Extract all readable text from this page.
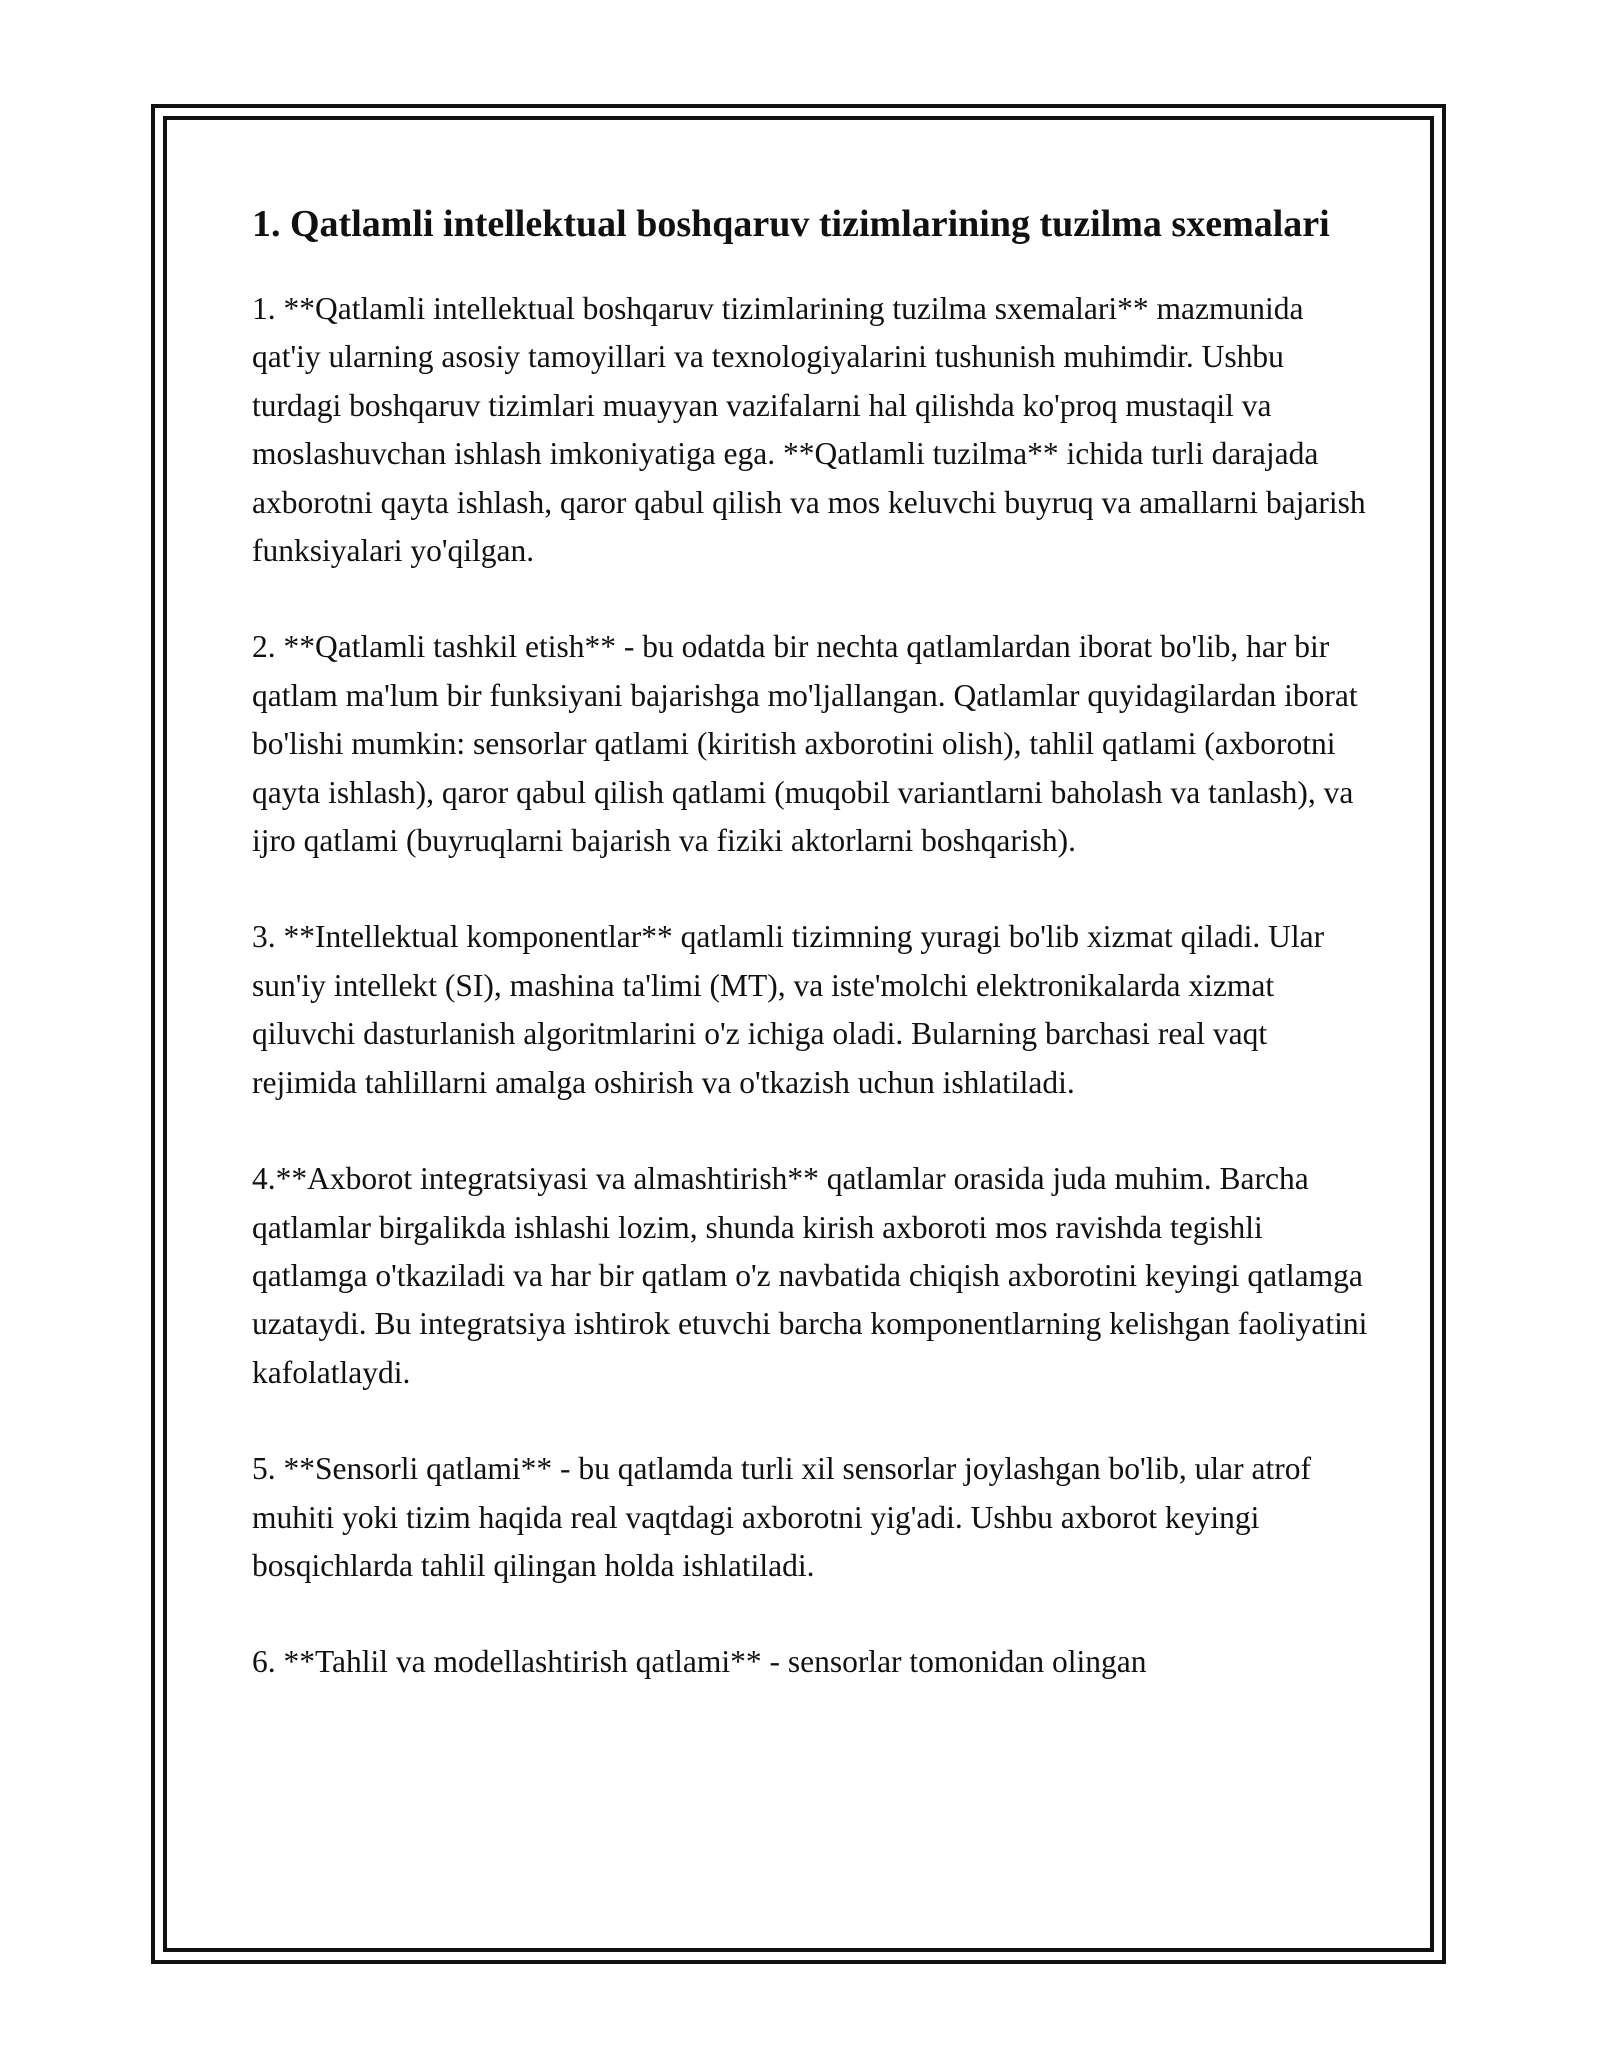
1. Qatlamli intellektual boshqaruv tizimlarining tuzilma sxemalari

1. **Qatlamli intellektual boshqaruv tizimlarining tuzilma sxemalari** mazmunida qat'iy ularning asosiy tamoyillari va texnologiyalarini tushunish muhimdir. Ushbu turdagi boshqaruv tizimlari muayyan vazifalarni hal qilishda ko'proq mustaqil va moslashuvchan ishlash imkoniyatiga ega. **Qatlamli tuzilma** ichida turli darajada axborotni qayta ishlash, qaror qabul qilish va mos keluvchi buyruq va amallarni bajarish funksiyalari yo'qilgan.

2. **Qatlamli tashkil etish** - bu odatda bir nechta qatlamlardan iborat bo'lib, har bir qatlam ma'lum bir funksiyani bajarishga mo'ljallangan. Qatlamlar quyidagilardan iborat bo'lishi mumkin: sensorlar qatlami (kiritish axborotini olish), tahlil qatlami (axborotni qayta ishlash), qaror qabul qilish qatlami (muqobil variantlarni baholash va tanlash), va ijro qatlami (buyruqlarni bajarish va fiziki aktorlarni boshqarish).

3. **Intellektual komponentlar** qatlamli tizimning yuragi bo'lib xizmat qiladi. Ular sun'iy intellekt (SI), mashina ta'limi (MT), va iste'molchi elektronikalarda xizmat qiluvchi dasturlanish algoritmlarini o'z ichiga oladi. Bularning barchasi real vaqt rejimida tahlillarni amalga oshirish va o'tkazish uchun ishlatiladi.

4.**Axborot integratsiyasi va almashtirish** qatlamlar orasida juda muhim. Barcha qatlamlar birgalikda ishlashi lozim, shunda kirish axboroti mos ravishda tegishli qatlamga o'tkaziladi va har bir qatlam o'z navbatida chiqish axborotini keyingi qatlamga uzataydi. Bu integratsiya ishtirok etuvchi barcha komponentlarning kelishgan faoliyatini kafolatlaydi.

5. **Sensorli qatlami** - bu qatlamda turli xil sensorlar joylashgan bo'lib, ular atrof muhiti yoki tizim haqida real vaqtdagi axborotni yig'adi. Ushbu axborot keyingi bosqichlarda tahlil qilingan holda ishlatiladi.

6. **Tahlil va modellashtirish qatlami** - sensorlar tomonidan olingan
